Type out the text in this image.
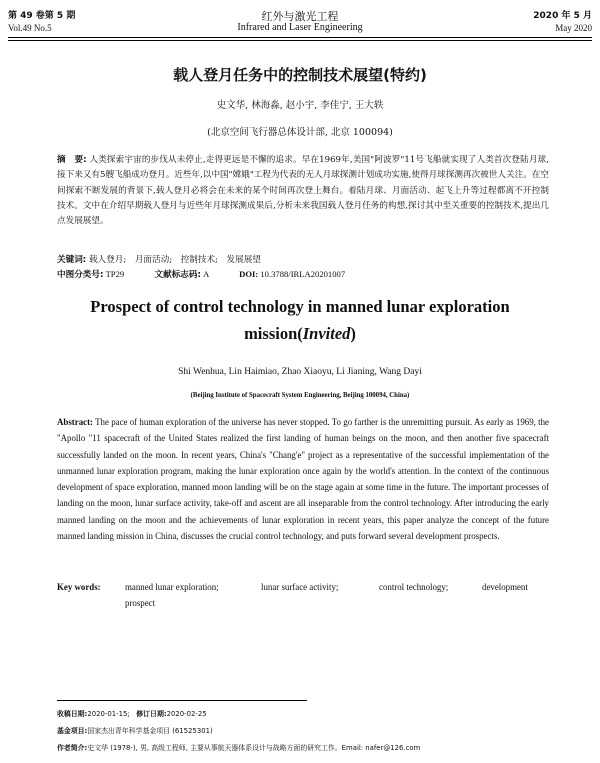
第 49 卷第 5 期
Vol.49 No.5
红外与激光工程
Infrared and Laser Engineering
2020 年 5 月
May 2020
载人登月任务中的控制技术展望(特约)
史文华, 林海淼, 赵小宇, 李佳宁, 王大轶
(北京空间飞行器总体设计部, 北京 100094)
摘　要: 人类探索宇宙的步伐从未停止,走得更远是不懈的追求。早在1969年,美国"阿波罗"11号飞船就实现了人类首次登陆月球,接下来又有5艘飞船成功登月。近些年,以中国"嫦娥"工程为代表的无人月球探测计划成功实施,使得月球探测再次被世人关注。在空间探索不断发展的背景下,载人登月必将会在未来的某个时间再次登上舞台。着陆月球、月面活动、起飞上升等过程都离不开控制技术。文中在介绍早期载人登月与近些年月球探测成果后,分析未来我国载人登月任务的构想,探讨其中至关重要的控制技术,提出几点发展展望。
关键词: 载人登月;　月面活动;　控制技术;　发展展望
中图分类号: TP29	文献标志码: A	DOI: 10.3788/IRLA20201007
Prospect of control technology in manned lunar exploration mission(Invited)
Shi Wenhua, Lin Haimiao, Zhao Xiaoyu, Li Jianing, Wang Dayi
(Beijing Institute of Spacecraft System Engineering, Beijing 100094, China)
Abstract: The pace of human exploration of the universe has never stopped. To go farther is the unremitting pursuit. As early as 1969, the "Apollo "11 spacecraft of the United States realized the first landing of human beings on the moon, and then another five spacecraft successfully landed on the moon. In recent years, China's "Chang'e" project as a representative of the successful implementation of the unmanned lunar exploration program, making the lunar exploration once again by the world's attention. In the context of the continuous development of space exploration, manned moon landing will be on the stage again at some time in the future. The important processes of landing on the moon, lunar surface activity, take-off and ascent are all inseparable from the control technology. After introducing the early manned landing on the moon and the achievements of lunar exploration in recent years, this paper analyze the concept of the future manned landing mission in China, discusses the crucial control technology, and puts forward several development prospects.
Key words:	manned lunar exploration;	lunar surface activity;	control technology;	development
prospect
收稿日期:2020-01-15; 修订日期:2020-02-25
基金项目:国家杰出青年科学基金项目 (61525301)
作者简介:史文华 (1978-), 男, 高级工程师, 主要从事航天器体系设计与战略方面的研究工作。Email: nafer@126.com
